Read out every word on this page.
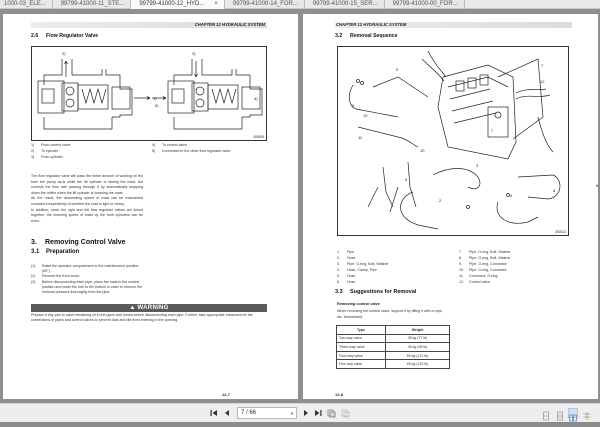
1000-03_ELE...	99799-41000-11_STE...	99799-41000-12_HYD... ×	99799-41000-14_FOR...	99799-41000-15_SER...	99799-41000-00_FOR...
CHAPTER 12 HYDRAULIC SYSTEM
2.6 Flow Regulator Valve
2)
1)
3)
5)
4)
300009
1) From control valve
2) To cylinder
3) From cylinder
4) To control valve
5) Connected to the other flow regulator valve
The flow regulator valve will pass the entire amount of working oil fed from the pump as-is while the lift cylinder is raising the mast, but controls the flow rate passing through it by automatically stopping down the orifice when the lift cylinder is lowering the mast.
As the result, the descending speed of mast can be maintained constant irrespectively of whether the load is light or heavy.
In addition, since the right and left flow regulator valves are linked together, the lowering speed of mast by the both cylinders can be even.
3. Removing Control Valve
3.1 Preparation
(1)	Raise the operator compartment to the maintenance position (60°).
(2)	Remove the front cover.
(3)	Before disconnecting each pipe, place the mast in the neutral position and lower the fork to the bottom in order to remove the residual pressure thoroughly from the pipe.
▲ WARNING
Prepare a drip pan to catch remaining oil in the pipes and hoses before disconnecting each pipe. Further, take appropriate measures for the connections of pipes and control valves to prevent dust and dirt from entering in the opening.
12-7
CHAPTER 12 HYDRAULIC SYSTEM
3.2 Removal Sequence
5
7
12
9
10
11
10
7
3
6
2
4
8
8
300012
1. Pipe
2. Hose
3. Pipe, O-ring, Bolt, Washer
4. Hose, Clamp, Pipe
5. Hose
6. Hose
7. Pipe, O-ring, Bolt, Washer
8. Pipe, O-ring, Bolt, Washer
9. Pipe, O-ring, Connector
10. Pipe, O-ring, Connector
11. Connector, O-ring
12. Control valve
3.3 Suggestions for Removal
Removing control valve
When removing the control valve, support it by lifting it with a rope, etc. beforehand.
Type	Weight
Two-way valve	35 kg (77 lb)
Three-way valve	45 kg (99 lb)
Four-way valve	55 kg (121 lb)
Five-way valve	65 kg (143 lb)
12-8
7 / 66	▼
